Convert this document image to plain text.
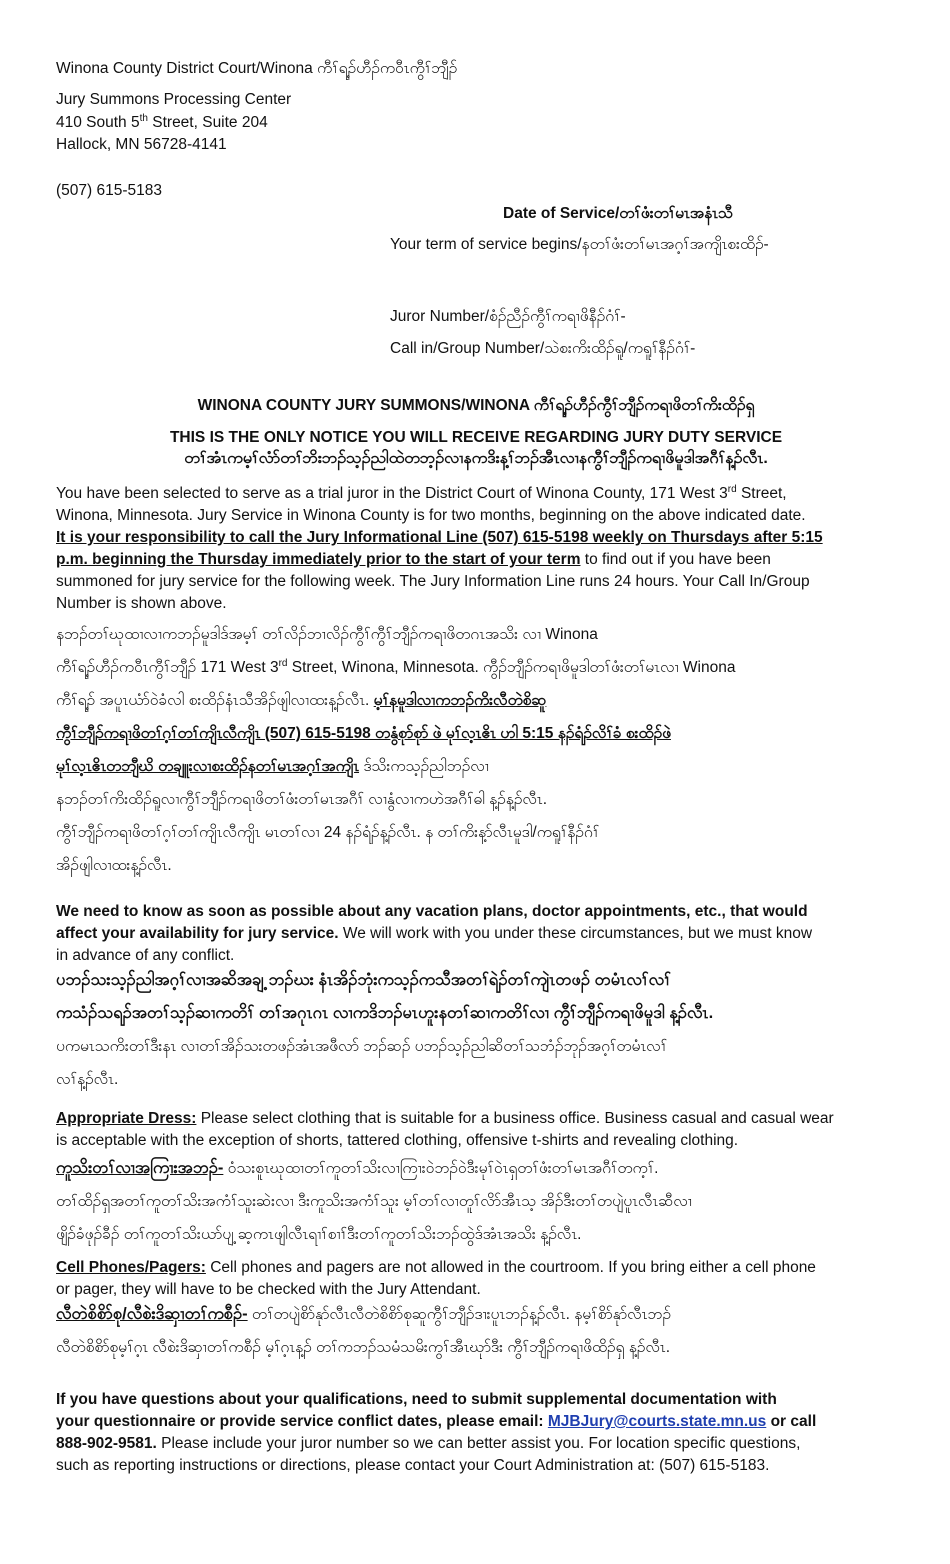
Winona County District Court/Winona ကီၢ်ရ့ၣ်ဟီၣ်ကဝီၤကွီၢ်ဘျီၣ်
Jury Summons Processing Center
410 South 5th Street, Suite 204
Hallock, MN 56728-4141
(507) 615-5183
Date of Service/တၢ်ဖံးတၢ်မၤအနံၤသီ
Your term of service begins/နတၢ်ဖံးတၢ်မၤအဂ့ၢ်အကျိၤစးထိၣ်-
Juror Number/စံၣ်ညီၣ်ကွီၢ်ကရၢဖိနီၣ်ဂံၢ်-
Call in/Group Number/သဲစးကိးထိၣ်ရူ/ကရူၢ်နီၣ်ဂံၢ်-
WINONA COUNTY JURY SUMMONS/WINONA ကီၢ်ရ့ၣ်ဟီၣ်ကွီၢ်ဘျီၣ်ကရၢဖိတၢ်ကိးထိၣ်ရှ
THIS IS THE ONLY NOTICE YOU WILL RECEIVE REGARDING JURY DUTY SERVICE
တၢ်အံၤကမ့ၢ်လံာ်တၢ်ဘိးဘၣ်သ့ၣ်ညါထဲတဘ့ၣ်လၢနကဒိးန့ၢ်ဘၣ်အီၤလၢနကွီၢ်ဘျီၣ်ကရၢဖိမူဒါအဂီၢ်န့ၣ်လီၤ.
You have been selected to serve as a trial juror in the District Court of Winona County, 171 West 3rd Street,
Winona, Minnesota. Jury Service in Winona County is for two months, beginning on the above indicated date.
It is your responsibility to call the Jury Informational Line (507) 615-5198 weekly on Thursdays after 5:15
p.m. beginning the Thursday immediately prior to the start of your term to find out if you have been
summoned for jury service for the following week. The Jury Information Line runs 24 hours. Your Call In/Group
Number is shown above.
နဘၣ်တၢ်ဃုထၢလၢကဘၣ်မူဒါဒ်အမ့ၢ် တၢ်လိၣ်ဘၢလိၣ်ကွီၢ်ကွီၢ်ဘျီၣ်ကရၢဖိတဂၤအသိး လၢ Winona
ကီၢ်ရ့ၣ်ဟီၣ်ကဝီၤကွီၢ်ဘျီၣ် 171 West 3rd Street, Winona, Minnesota. ကွီၣ်ဘျီၣ်ကရၢဖိမူဒါတၢ်ဖံးတၢ်မၤလၢ Winona
ကီၢ်ရ့ၣ် အပူၤယံာ်ဝဲခံလါ စးထိၣ်နံၤသီအိၣ်ဖျါလၢထးန့ၣ်လီၤ. မ့ၢ်နမူဒါလၢကဘၣ်ကိးလီတဲစိဆူ
ကွီၢ်ဘျီၣ်ကရၢဖိတၢ်ဂ့ၢ်တၢ်ကျိၤလီကျိၤ (507) 615-5198 တနွံစုာ်စုာ် ဖဲ မုၢ်လ့ၤဧိၤ ဟါ 5:15 နၣ်ရံၣ်လိၢ်ခံ စးထိၣ်ဖဲ
မုၢ်လ့ၤဧိၤတဘျီဃိ တချူးလၢစးထိၣ်နတၢ်မၤအဂ့ၢ်အကျိၤ ဒ်သိးကသ့ၣ်ညါဘၣ်လၢ
နဘၣ်တၢ်ကိးထိၣ်ရူလၢကွီၢ်ဘျီၣ်ကရၢဖိတၢ်ဖံးတၢ်မၤအဂီၢ် လၢနွံလၢကဟဲအဂီၢ်ဓါ န့ၣ်န့ၣ်လီၤ.
ကွီၢ်ဘျီၣ်ကရၢဖိတၢ်ဂ့ၢ်တၢ်ကျိၤလီကျိၤ မၤတၢ်လၢ 24 နၣ်ရံၣ်န့ၣ်လီၤ. န တၢ်ကိးန့ာ်လီၤမူဒါ/ကရူၢ်နီၣ်ဂံၢ်
အိၣ်ဖျါလၢထးန့ၣ်လီၤ.
We need to know as soon as possible about any vacation plans, doctor appointments, etc., that would
affect your availability for jury service. We will work with you under these circumstances, but we must know
in advance of any conflict.
ပဘၣ်သးသ့ၣ်ညါအဂ့ၢ်လၢအဆိအချ့ ဘၣ်ဃး နံၤအိၣ်ဘုံးကသ့ၣ်ကသီအတၢ်ရဲၣ်တၢ်ကျဲၤတဖၣ် တမံၤလၢ်လၢ်
ကသံၣ်သရၣ်အတၢ်သ့ၣ်ဆၢကတိၢ် တၢ်အဂုၤဂၤ လၢကဒိဘၣ်မၤဟူးနတၢ်ဆၢကတိၢ်လၢ ကွီၢ်ဘျီၣ်ကရၢဖိမူဒါ န့ၣ်လီၤ.
ပကမၤသကိးတၢ်ဒီးနၤ လၢတၢ်အိၣ်သးတဖၣ်အံၤအဖီလာ် ဘၣ်ဆၣ် ပဘၣ်သ့ၣ်ညါဆိတၢ်သဘံၣ်ဘုၣ်အဂ့ၢ်တမံၤလၢ်
လၢ်န့ၣ်လီၤ.
Appropriate Dress: Please select clothing that is suitable for a business office. Business casual and casual wear
is acceptable with the exception of shorts, tattered clothing, offensive t-shirts and revealing clothing.
ကူသိးတၢ်လၢအကြၢးအဘၣ်- ဝံသးစူၤဃုထၢတၢ်ကူတၢ်သိးလၢကြၢးဝဲဘၣ်ဝဲဒီးမုၢ်ဝဲၤရှတၢ်ဖံးတၢ်မၤအဂီၢ်တက့ၢ်.
တၢ်ထိၣ်ရှအတၢ်ကူတၢ်သိးအကံၢ်သူးဆဲးလၢ ဒီးကူသိးအကံၢ်သူး မ့ၢ်တၢ်လၢတူၢ်လိာ်အီၤသ့ အိၣ်ဒီးတၢ်တပျဲပူၤလီၤဆီလၢ
ဖျိၣ်ခံဖုၣ်ခီၣ် တၢ်ကူတၢ်သိးယာ်ပျ့ ဆ့ကၤဖျါလီၤရၢၢ်စၢၢ်ဒီးတၢ်ကူတၢ်သိးဘၣ်ထွဲဒ်အံၤအသိး န့ၣ်လီၤ.
Cell Phones/Pagers: Cell phones and pagers are not allowed in the courtroom. If you bring either a cell phone
or pager, they will have to be checked with the Jury Attendant.
လီတဲစိစိာ်စု/လီစဲးဒိဆှၢတၢ်ကစီၣ်- တၢ်တပျဲစိာ်နုာ်လီၤလီတဲစိစိာ်စုဆူကွီၢ်ဘျီၣ်ဒၢးပူၤဘၣ်န့ၣ်လီၤ. နမ့ၢ်စိာ်နုာ်လီၤဘၣ်
လီတဲစိစိာ်စုမ့ၢ်ဂ့ၤ လီစဲးဒိဆှၢတၢ်ကစီၣ် မ့ၢ်ဂ့ၤန့ၣ် တၢ်ကဘၣ်သမံသမိးကွၢ်အီၤဃုာ်ဒီး ကွီၢ်ဘျီၣ်ကရၢဖိထိၣ်ရှ န့ၣ်လီၤ.
If you have questions about your qualifications, need to submit supplemental documentation with
your questionnaire or provide service conflict dates, please email: MJBJury@courts.state.mn.us or call
888-902-9581. Please include your juror number so we can better assist you. For location specific questions,
such as reporting instructions or directions, please contact your Court Administration at: (507) 615-5183.
